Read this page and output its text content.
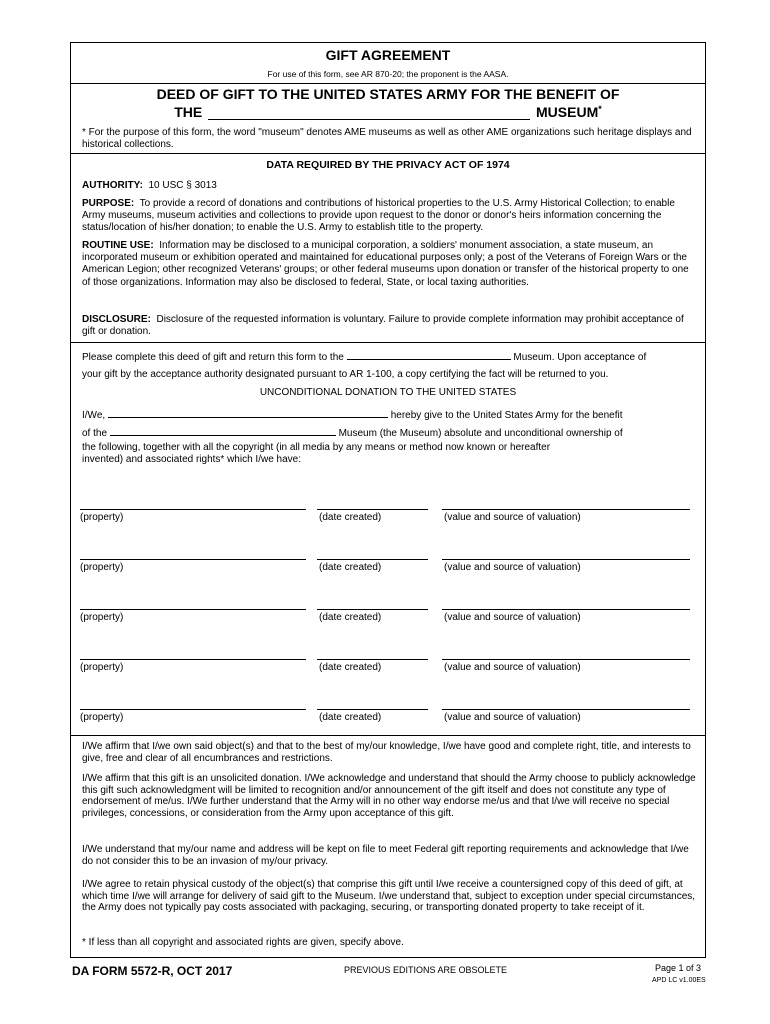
GIFT AGREEMENT
For use of this form, see AR 870-20; the proponent is the AASA.
DEED OF GIFT TO THE UNITED STATES ARMY FOR THE BENEFIT OF
THE	MUSEUM*
* For the purpose of this form, the word "museum" denotes AME museums as well as other AME organizations such heritage displays and historical collections.
DATA REQUIRED BY THE PRIVACY ACT OF 1974
AUTHORITY: 10 USC § 3013
PURPOSE: To provide a record of donations and contributions of historical properties to the U.S. Army Historical Collection; to enable Army museums, museum activities and collections to provide upon request to the donor or donor's heirs information concerning the status/location of his/her donation; to enable the U.S. Army to establish title to the property.
ROUTINE USE: Information may be disclosed to a municipal corporation, a soldiers' monument association, a state museum, an incorporated museum or exhibition operated and maintained for educational purposes only; a post of the Veterans of Foreign Wars or the American Legion; other recognized Veterans' groups; or other federal museums upon donation or transfer of the historical property to one of those organizations. Information may also be disclosed to federal, State, or local taxing authorities.
DISCLOSURE: Disclosure of the requested information is voluntary. Failure to provide complete information may prohibit acceptance of gift or donation.
Please complete this deed of gift and return this form to the	Museum. Upon acceptance of
your gift by the acceptance authority designated pursuant to AR 1-100, a copy certifying the fact will be returned to you.
UNCONDITIONAL DONATION TO THE UNITED STATES
I/We,	hereby give to the United States Army for the benefit
of the	Museum (the Museum) absolute and unconditional ownership of

the following, together with all the copyright (in all media by any means or method now known or hereafter
invented) and associated rights* which I/we have:
(property)	(date created)	(value and source of valuation)
(property)	(date created)	(value and source of valuation)
(property)	(date created)	(value and source of valuation)
(property)	(date created)	(value and source of valuation)
(property)	(date created)	(value and source of valuation)
I/We affirm that I/we own said object(s) and that to the best of my/our knowledge, I/we have good and complete right, title, and interests to give, free and clear of all encumbrances and restrictions.
I/We affirm that this gift is an unsolicited donation. I/We acknowledge and understand that should the Army choose to publicly acknowledge this gift such acknowledgment will be limited to recognition and/or announcement of the gift itself and does not constitute any type of endorsement of me/us. I/We further understand that the Army will in no other way endorse me/us and that I/we will receive no special privileges, concessions, or consideration from the Army upon acceptance of this gift.
I/We understand that my/our name and address will be kept on file to meet Federal gift reporting requirements and acknowledge that I/we do not consider this to be an invasion of my/our privacy.
I/We agree to retain physical custody of the object(s) that comprise this gift until I/we receive a countersigned copy of this deed of gift, at which time I/we will arrange for delivery of said gift to the Museum. I/we understand that, subject to exception under special circumstances, the Army does not typically pay costs associated with packaging, securing, or transporting donated property to take receipt of it.
* If less than all copyright and associated rights are given, specify above.
DA FORM 5572-R, OCT 2017	PREVIOUS EDITIONS ARE OBSOLETE	Page 1 of 3
APD LC v1.00ES
